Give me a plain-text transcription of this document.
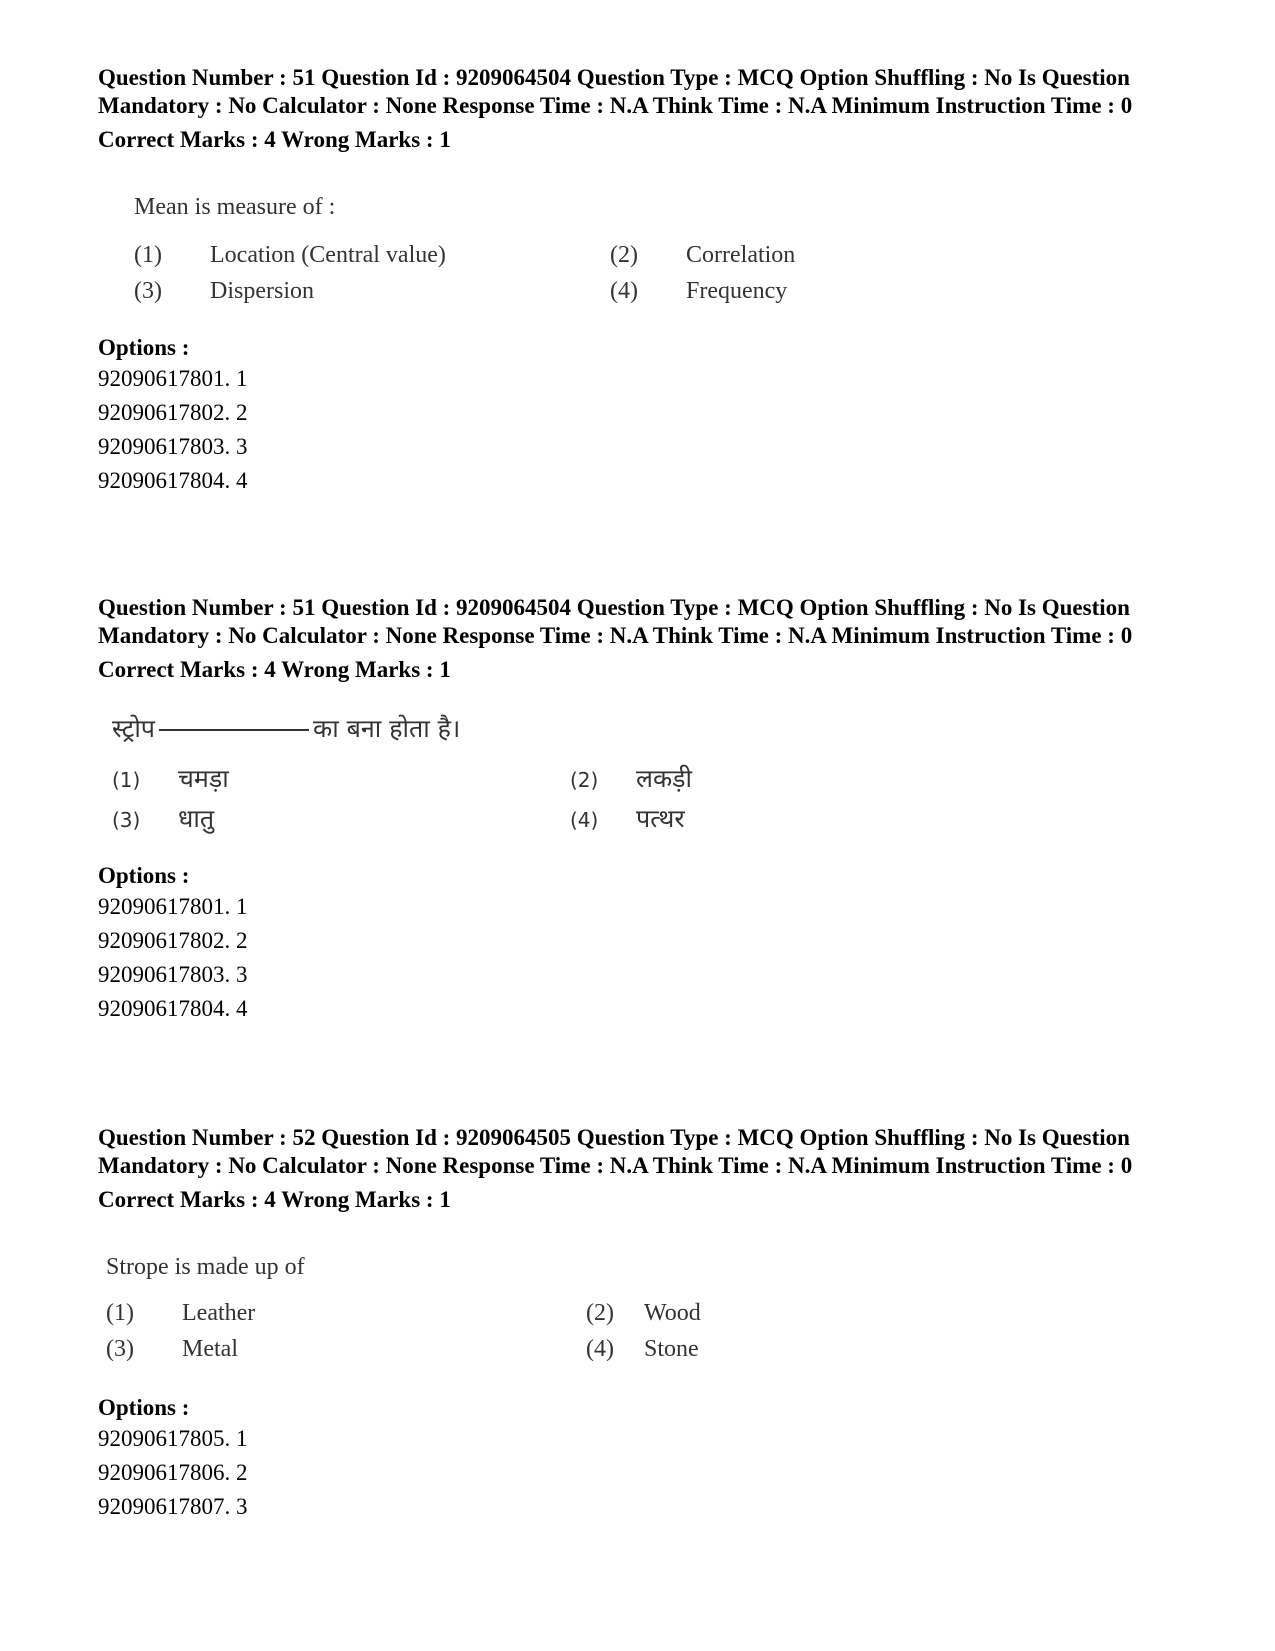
Question Number : 51 Question Id : 9209064504 Question Type : MCQ Option Shuffling : No Is Question Mandatory : No Calculator : None Response Time : N.A Think Time : N.A Minimum Instruction Time : 0
Correct Marks : 4 Wrong Marks : 1
Mean is measure of :
(1) Location (Central value)	(2) Correlation
(3) Dispersion	(4) Frequency
Options :
92090617801. 1
92090617802. 2
92090617803. 3
92090617804. 4
Question Number : 51 Question Id : 9209064504 Question Type : MCQ Option Shuffling : No Is Question Mandatory : No Calculator : None Response Time : N.A Think Time : N.A Minimum Instruction Time : 0
Correct Marks : 4 Wrong Marks : 1
स्ट्रोप	का बना होता है।
(1) चमड़ा	(2) लकड़ी
(3) धातु	(4) पत्थर
Options :
92090617801. 1
92090617802. 2
92090617803. 3
92090617804. 4
Question Number : 52 Question Id : 9209064505 Question Type : MCQ Option Shuffling : No Is Question Mandatory : No Calculator : None Response Time : N.A Think Time : N.A Minimum Instruction Time : 0
Correct Marks : 4 Wrong Marks : 1
Strope is made up of
(1) Leather	(2) Wood
(3) Metal	(4) Stone
Options :
92090617805. 1
92090617806. 2
92090617807. 3
